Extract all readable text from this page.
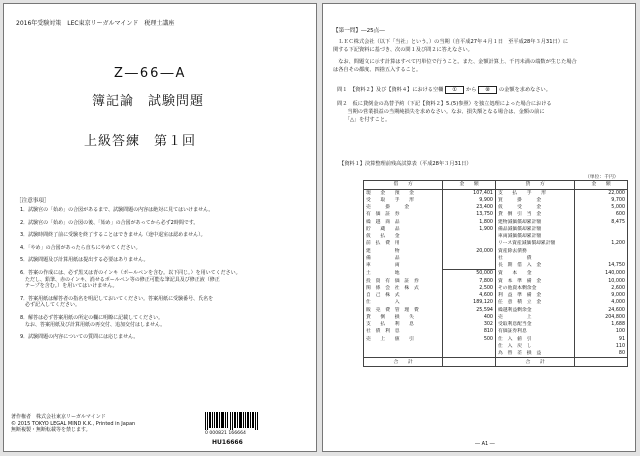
2016年受験対策　LEC東京リーガルマインド　税理士講座
Z―66―A
簿記論　試験問題
上級答練　第１回
［注意事項］
1．試験官の「始め」の合図があるまで、試験問題の内容は絶対に見てはいけません。
2．試験官の「始め」の合図の後、「始め」の合図があってから必ず2時間です。
3．試験時間終了前に受験を終了することはできません（途中退室は認めません）。
4．「やめ」の合図があったら直ちにやめてください。
5．試験問題及び計算用紙は提出する必要はありません。
6．答案の作成には、必ず黒又は青のインキ（ボールペンを含む。以下同じ。）を用いてください。
　ただし、鉛筆、赤のインキ、消せるボールペン等の修正可能な筆記具及び修正液（修正
　テープを含む。）を用いてはいけません。
7．答案用紙は解答者の指名を明記しておいてください。答案用紙に受験番号、氏名を
　必ず記入してください。
8．解答は必ず答案用紙の所定の欄に明瞭に記載してください。
　なお、答案用紙及び計算用紙の再交付、追加交付はしません。
9．試験問題の内容についての質問には応じません。
著作権者　株式会社東京リーガルマインド
© 2015 TOKYO LEGAL MIND K.K., Printed in Japan
無断複製・無断転載等を禁じます。
0 000821 166664
HU16666
【第一問】―25点―
　ＬＥＣ株式会社（以下「当社」という。）の当期（自平成27年４月１日　至平成28年３月31日）に
関する下記資料に基づき、次の問１及び問２に答えなさい。
　なお、問題文に示す計算はすべて円単位で行うこと。また、金額計算上、千円未満の端数が生じた場合
は各自その都度、四捨五入すること。
問１　【資料２】及び【資料４】における空欄 ① から ⑩ の金額を求めなさい。
問２　仮に貸倒金の為替予約（下記【資料２】5.(5)参照）を独立処理によった場合における
　　当期の営業損益の当期純損失を求めなさい。なお、損失額となる場合は、金額の前に
　　「△」を付すこと。
【資料１】決算整理前残高試算表（平成28年３月31日）
（単位：千円）
借　　方	金　　額	貸　　方	金　　額
現　　金　　預　　金	107,401	支　　払　　手　　形	22,000
受　　取　　手　　形	9,900	買　　　掛　　　金	9,700
売　　　掛　　　金	23,400	仮　　　受　　　金	5,000
有　価　証　券	13,750	貸　倒　引　当　金	600
繰　越　商　品	1,800	建物減価償却累計額	8,475
貯　　蔵　　品	1,900	備品減価償却累計額	
仮　　払　　金		車両減価償却累計額	
前　払　費　用		リース資産減価償却累計額	1,200
建　　　　　物	20,000	資産除去債務	
備　　　　　品		社　　　　　債	
車　　　　　両		長　期　借　入　金	14,750
土　　　　　地	50,000	資　　本　　金	140,000
投　資　有　価　証　券	7,800	資　本　準　備　金	10,000
関　係　会　社　株　式	2,500	その他資本剰余金	2,600
自　己　株　式	4,600	利　益　準　備　金	9,000
仕　　　　　入	189,120	任　意　積　立　金	4,000
販　売　費　管　理　費	25,594	繰越利益剰余金	24,600
貸　　倒　　損　　失	400	売　　　　　上	204,800
支　　払　　利　　息	302	受取利息配当金	1,688
社　債　利　息	810	有価証券利息	100
売　　上　　値　　引	500	仕　入　値　引	91
		仕　入　戻　し	110
		為　替　差　損　益	80
合　　計		合　　計	
― A1 ―
